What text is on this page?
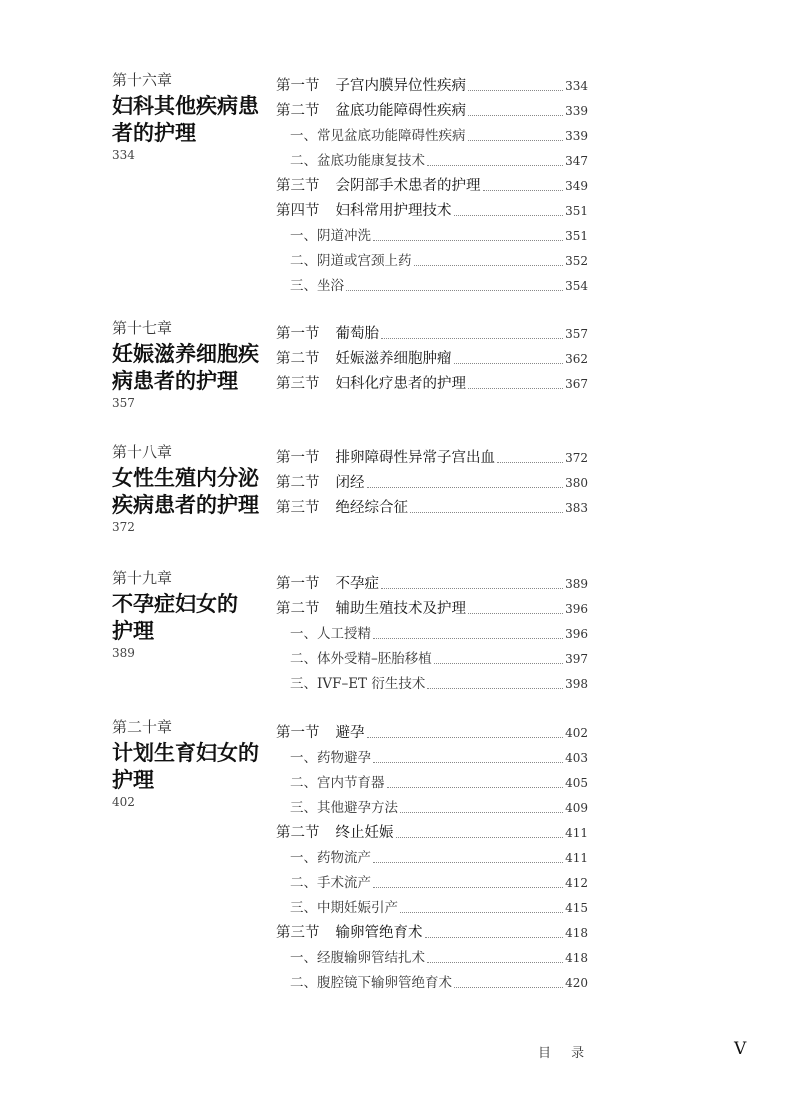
第十六章
妇科其他疾病患
者的护理
334
第一节 子宫内膜异位性疾病	334
第二节 盆底功能障碍性疾病	339
一、常见盆底功能障碍性疾病	339
二、盆底功能康复技术	347
第三节 会阴部手术患者的护理	349
第四节 妇科常用护理技术	351
一、阴道冲洗	351
二、阴道或宫颈上药	352
三、坐浴	354
第十七章
妊娠滋养细胞疾
病患者的护理
357
第一节 葡萄胎	357
第二节 妊娠滋养细胞肿瘤	362
第三节 妇科化疗患者的护理	367
第十八章
女性生殖内分泌
疾病患者的护理
372
第一节 排卵障碍性异常子宫出血	372
第二节 闭经	380
第三节 绝经综合征	383
第十九章
不孕症妇女的
护理
389
第一节 不孕症	389
第二节 辅助生殖技术及护理	396
一、人工授精	396
二、体外受精–胚胎移植	397
三、IVF–ET 衍生技术	398
第二十章
计划生育妇女的
护理
402
第一节 避孕	402
一、药物避孕	403
二、宫内节育器	405
三、其他避孕方法	409
第二节 终止妊娠	411
一、药物流产	411
二、手术流产	412
三、中期妊娠引产	415
第三节 输卵管绝育术	418
一、经腹输卵管结扎术	418
二、腹腔镜下输卵管绝育术	420
目 录	V
